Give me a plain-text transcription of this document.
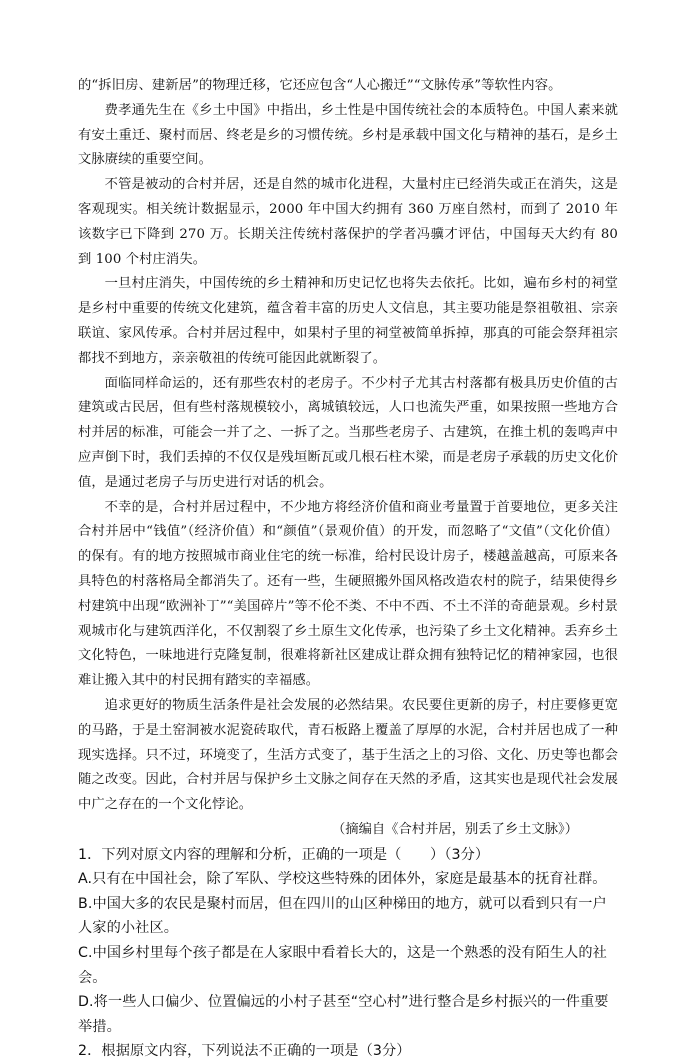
的“拆旧房、建新居”的物理迁移，它还应包含“人心搬迁”“文脉传承”等软性内容。

费孝通先生在《乡土中国》中指出，乡土性是中国传统社会的本质特色。中国人素来就有安土重迁、聚村而居、终老是乡的习惯传统。乡村是承载中国文化与精神的基石，是乡土文脉赓续的重要空间。

不管是被动的合村并居，还是自然的城市化进程，大量村庄已经消失或正在消失，这是客观现实。相关统计数据显示，2000 年中国大约拥有 360 万座自然村，而到了 2010 年该数字已下降到 270 万。长期关注传统村落保护的学者冯骥才评估，中国每天大约有 80 到 100 个村庄消失。

一旦村庄消失，中国传统的乡土精神和历史记忆也将失去依托。比如，遍布乡村的祠堂是乡村中重要的传统文化建筑，蕴含着丰富的历史人文信息，其主要功能是祭祖敬祖、宗亲联谊、家风传承。合村并居过程中，如果村子里的祠堂被简单拆掉，那真的可能会祭拜祖宗都找不到地方，亲亲敬祖的传统可能因此就断裂了。

面临同样命运的，还有那些农村的老房子。不少村子尤其古村落都有极具历史价值的古建筑或古民居，但有些村落规模较小，离城镇较远，人口也流失严重，如果按照一些地方合村并居的标准，可能会一并了之、一拆了之。当那些老房子、古建筑，在推土机的轰鸣声中应声倒下时，我们丢掉的不仅仅是残垣断瓦或几根石柱木梁，而是老房子承载的历史文化价值，是通过老房子与历史进行对话的机会。

不幸的是，合村并居过程中，不少地方将经济价值和商业考量置于首要地位，更多关注合村并居中“钱值”（经济价值）和“颜值”（景观价值）的开发，而忽略了“文值”（文化价值）的保有。有的地方按照城市商业住宅的统一标准，给村民设计房子，楼越盖越高，可原来各具特色的村落格局全都消失了。还有一些，生硬照搬外国风格改造农村的院子，结果使得乡村建筑中出现“欧洲补丁”“美国碎片”等不伦不类、不中不西、不土不洋的奇葩景观。乡村景观城市化与建筑西洋化，不仅割裂了乡土原生文化传承，也污染了乡土文化精神。丢弃乡土文化特色，一味地进行克隆复制，很难将新社区建成让群众拥有独特记忆的精神家园，也很难让搬入其中的村民拥有踏实的幸福感。

追求更好的物质生活条件是社会发展的必然结果。农民要住更新的房子，村庄要修更宽的马路，于是土窑洞被水泥瓷砖取代，青石板路上覆盖了厚厚的水泥，合村并居也成了一种现实选择。只不过，环境变了，生活方式变了，基于生活之上的习俗、文化、历史等也都会随之改变。因此，合村并居与保护乡土文脉之间存在天然的矛盾，这其实也是现代社会发展中广之存在的一个文化悖论。

（摘编自《合村并居，别丢了乡土文脉》）

1．下列对原文内容的理解和分析，正确的一项是（　　）（3分）

A.只有在中国社会，除了军队、学校这些特殊的团体外，家庭是最基本的抚育社群。

B.中国大多的农民是聚村而居，但在四川的山区种梯田的地方，就可以看到只有一户人家的小社区。

C.中国乡村里每个孩子都是在人家眼中看着长大的，这是一个熟悉的没有陌生人的社会。

D.将一些人口偏少、位置偏远的小村子甚至“空心村”进行整合是乡村振兴的一件重要举措。

2．根据原文内容，下列说法不正确的一项是（3分）
